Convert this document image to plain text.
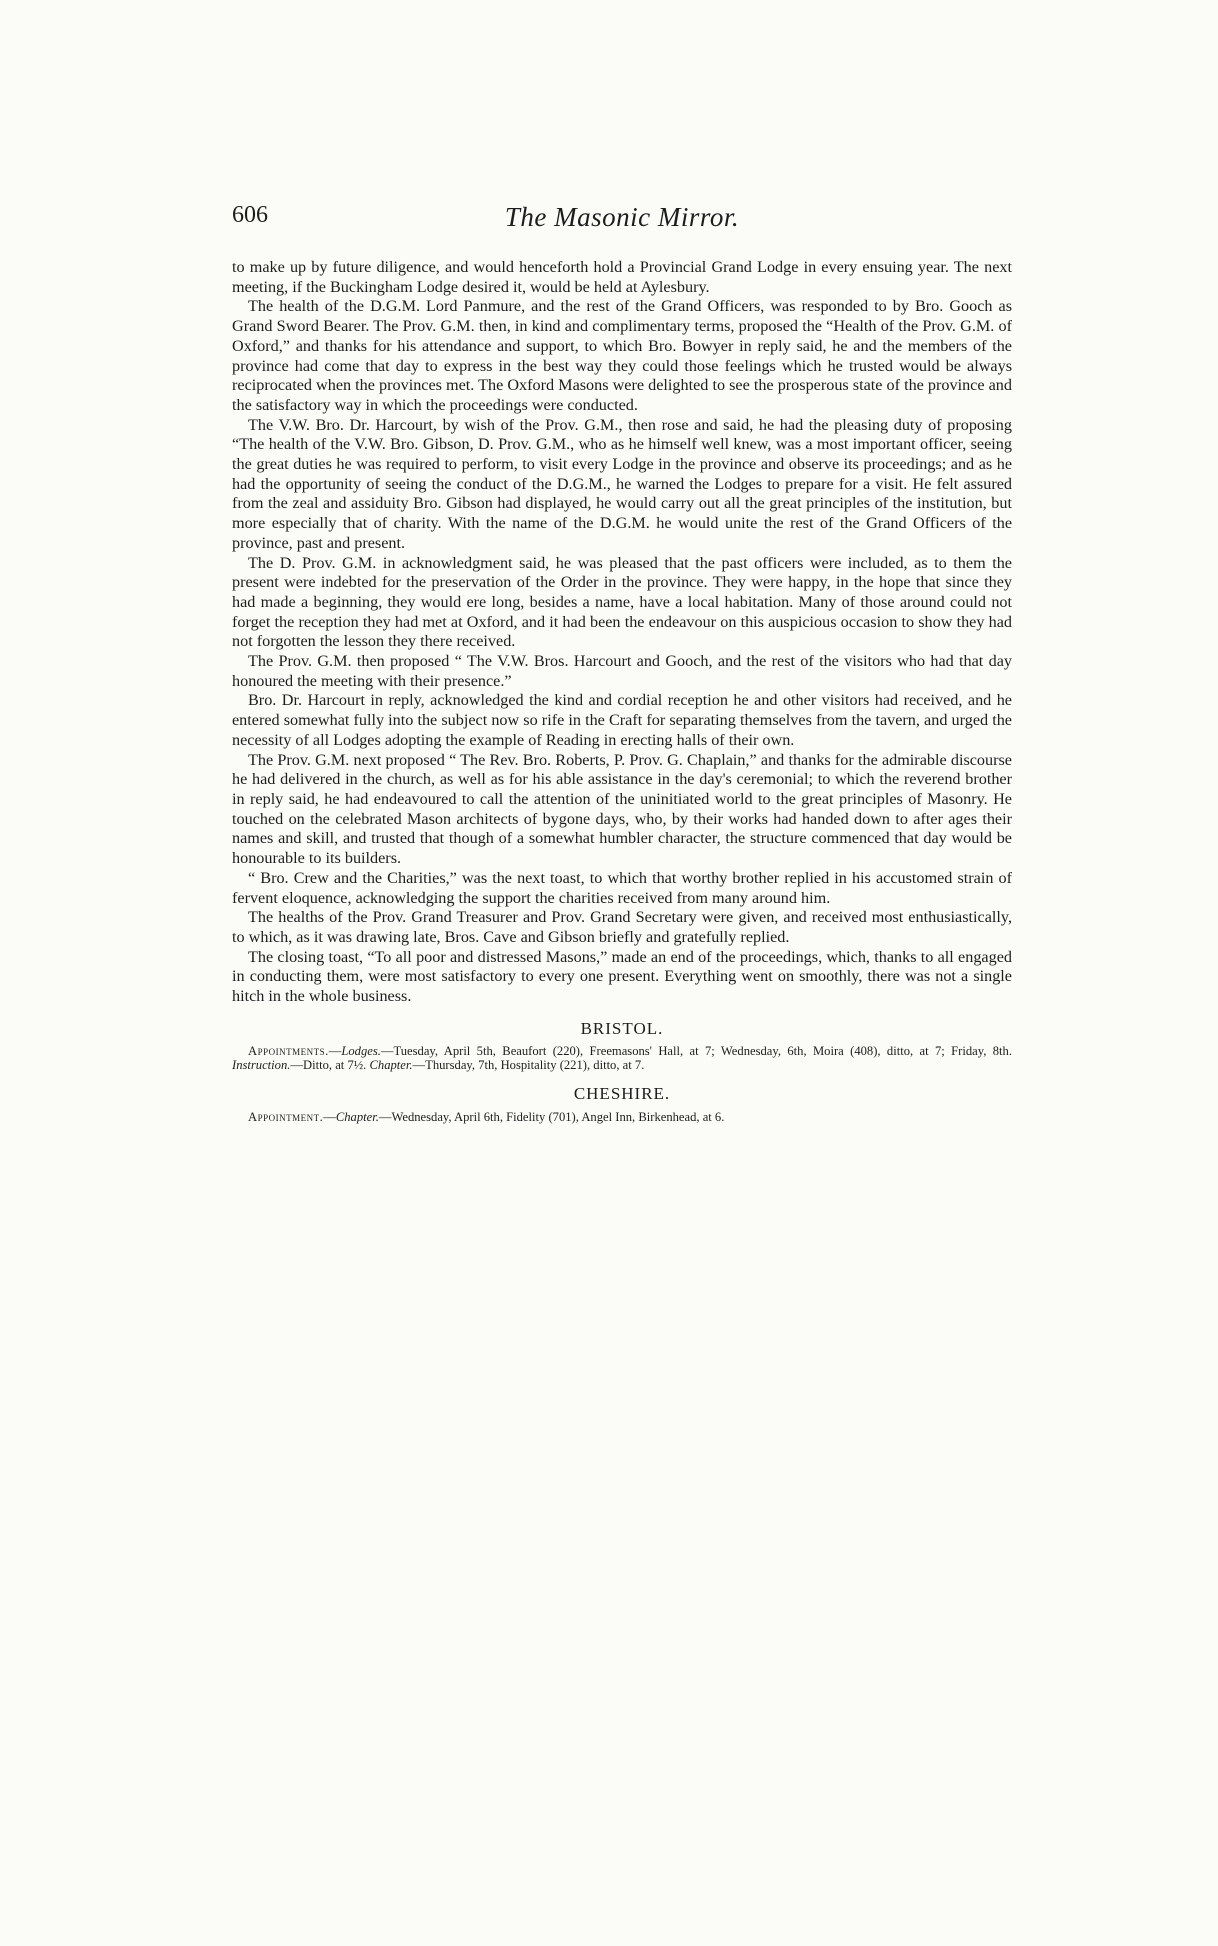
606	The Masonic Mirror.

to make up by future diligence, and would henceforth hold a Provincial Grand Lodge in every ensuing year. The next meeting, if the Buckingham Lodge desired it, would be held at Aylesbury.

The health of the D.G.M. Lord Panmure, and the rest of the Grand Officers, was responded to by Bro. Gooch as Grand Sword Bearer. The Prov. G.M. then, in kind and complimentary terms, proposed the “Health of the Prov. G.M. of Oxford,” and thanks for his attendance and support, to which Bro. Bowyer in reply said, he and the members of the province had come that day to express in the best way they could those feelings which he trusted would be always reciprocated when the provinces met. The Oxford Masons were delighted to see the prosperous state of the province and the satisfactory way in which the proceedings were conducted.

The V.W. Bro. Dr. Harcourt, by wish of the Prov. G.M., then rose and said, he had the pleasing duty of proposing “The health of the V.W. Bro. Gibson, D. Prov. G.M., who as he himself well knew, was a most important officer, seeing the great duties he was required to perform, to visit every Lodge in the province and observe its proceedings; and as he had the opportunity of seeing the conduct of the D.G.M., he warned the Lodges to prepare for a visit. He felt assured from the zeal and assiduity Bro. Gibson had displayed, he would carry out all the great principles of the institution, but more especially that of charity. With the name of the D.G.M. he would unite the rest of the Grand Officers of the province, past and present.

The D. Prov. G.M. in acknowledgment said, he was pleased that the past officers were included, as to them the present were indebted for the preservation of the Order in the province. They were happy, in the hope that since they had made a beginning, they would ere long, besides a name, have a local habitation. Many of those around could not forget the reception they had met at Oxford, and it had been the endeavour on this auspicious occasion to show they had not forgotten the lesson they there received.

The Prov. G.M. then proposed “ The V.W. Bros. Harcourt and Gooch, and the rest of the visitors who had that day honoured the meeting with their presence.”

Bro. Dr. Harcourt in reply, acknowledged the kind and cordial reception he and other visitors had received, and he entered somewhat fully into the subject now so rife in the Craft for separating themselves from the tavern, and urged the necessity of all Lodges adopting the example of Reading in erecting halls of their own.

The Prov. G.M. next proposed “ The Rev. Bro. Roberts, P. Prov. G. Chaplain,” and thanks for the admirable discourse he had delivered in the church, as well as for his able assistance in the day's ceremonial; to which the reverend brother in reply said, he had endeavoured to call the attention of the uninitiated world to the great principles of Masonry. He touched on the celebrated Mason architects of bygone days, who, by their works had handed down to after ages their names and skill, and trusted that though of a somewhat humbler character, the structure commenced that day would be honourable to its builders.

“ Bro. Crew and the Charities,” was the next toast, to which that worthy brother replied in his accustomed strain of fervent eloquence, acknowledging the support the charities received from many around him.

The healths of the Prov. Grand Treasurer and Prov. Grand Secretary were given, and received most enthusiastically, to which, as it was drawing late, Bros. Cave and Gibson briefly and gratefully replied.

The closing toast, “To all poor and distressed Masons,” made an end of the proceedings, which, thanks to all engaged in conducting them, were most satisfactory to every one present. Everything went on smoothly, there was not a single hitch in the whole business.

BRISTOL.

Appointments.—Lodges.—Tuesday, April 5th, Beaufort (220), Freemasons' Hall, at 7; Wednesday, 6th, Moira (408), ditto, at 7; Friday, 8th. Instruction.—Ditto, at 7½. Chapter.—Thursday, 7th, Hospitality (221), ditto, at 7.

CHESHIRE.

Appointment.—Chapter.—Wednesday, April 6th, Fidelity (701), Angel Inn, Birkenhead, at 6.
